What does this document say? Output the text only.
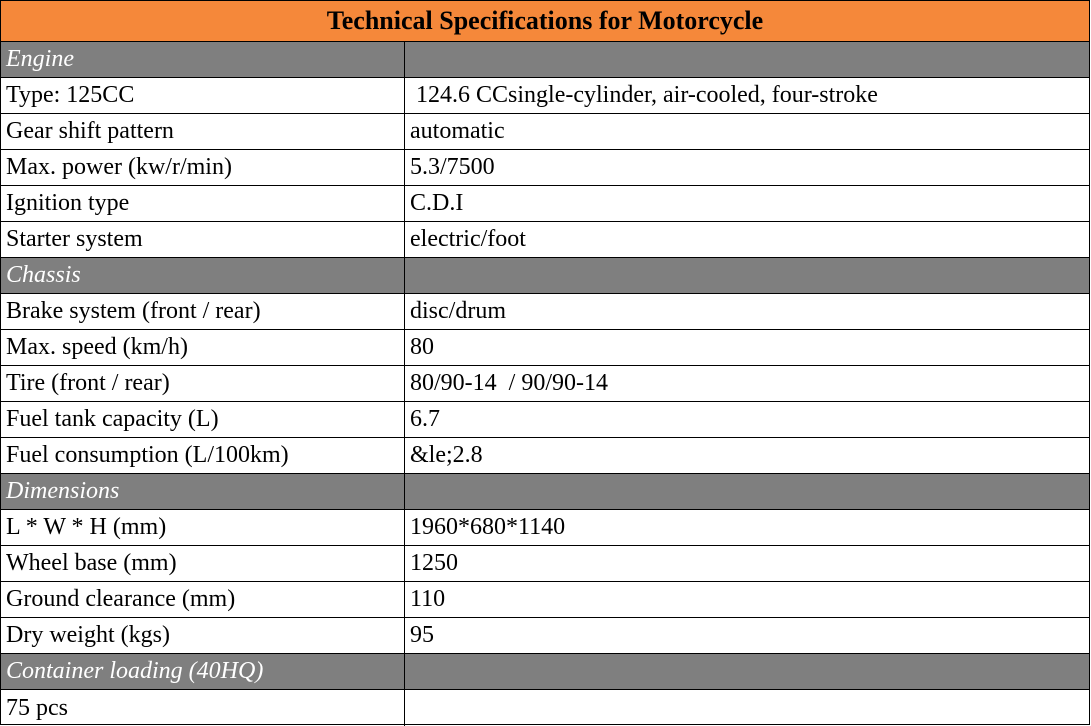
Technical Specifications for Motorcycle
Engine
Type: 125CC	124.6 CCsingle-cylinder, air-cooled, four-stroke
Gear shift pattern	automatic
Max. power (kw/r/min)	5.3/7500
Ignition type	C.D.I
Starter system	electric/foot
Chassis
Brake system (front / rear)	disc/drum
Max. speed (km/h)	80
Tire (front / rear)	80/90-14  / 90/90-14
Fuel tank capacity (L)	6.7
Fuel consumption (L/100km)	&le;2.8
Dimensions
L * W * H (mm)	1960*680*1140
Wheel base (mm)	1250
Ground clearance (mm)	110
Dry weight (kgs)	95
Container loading (40HQ)
75 pcs
